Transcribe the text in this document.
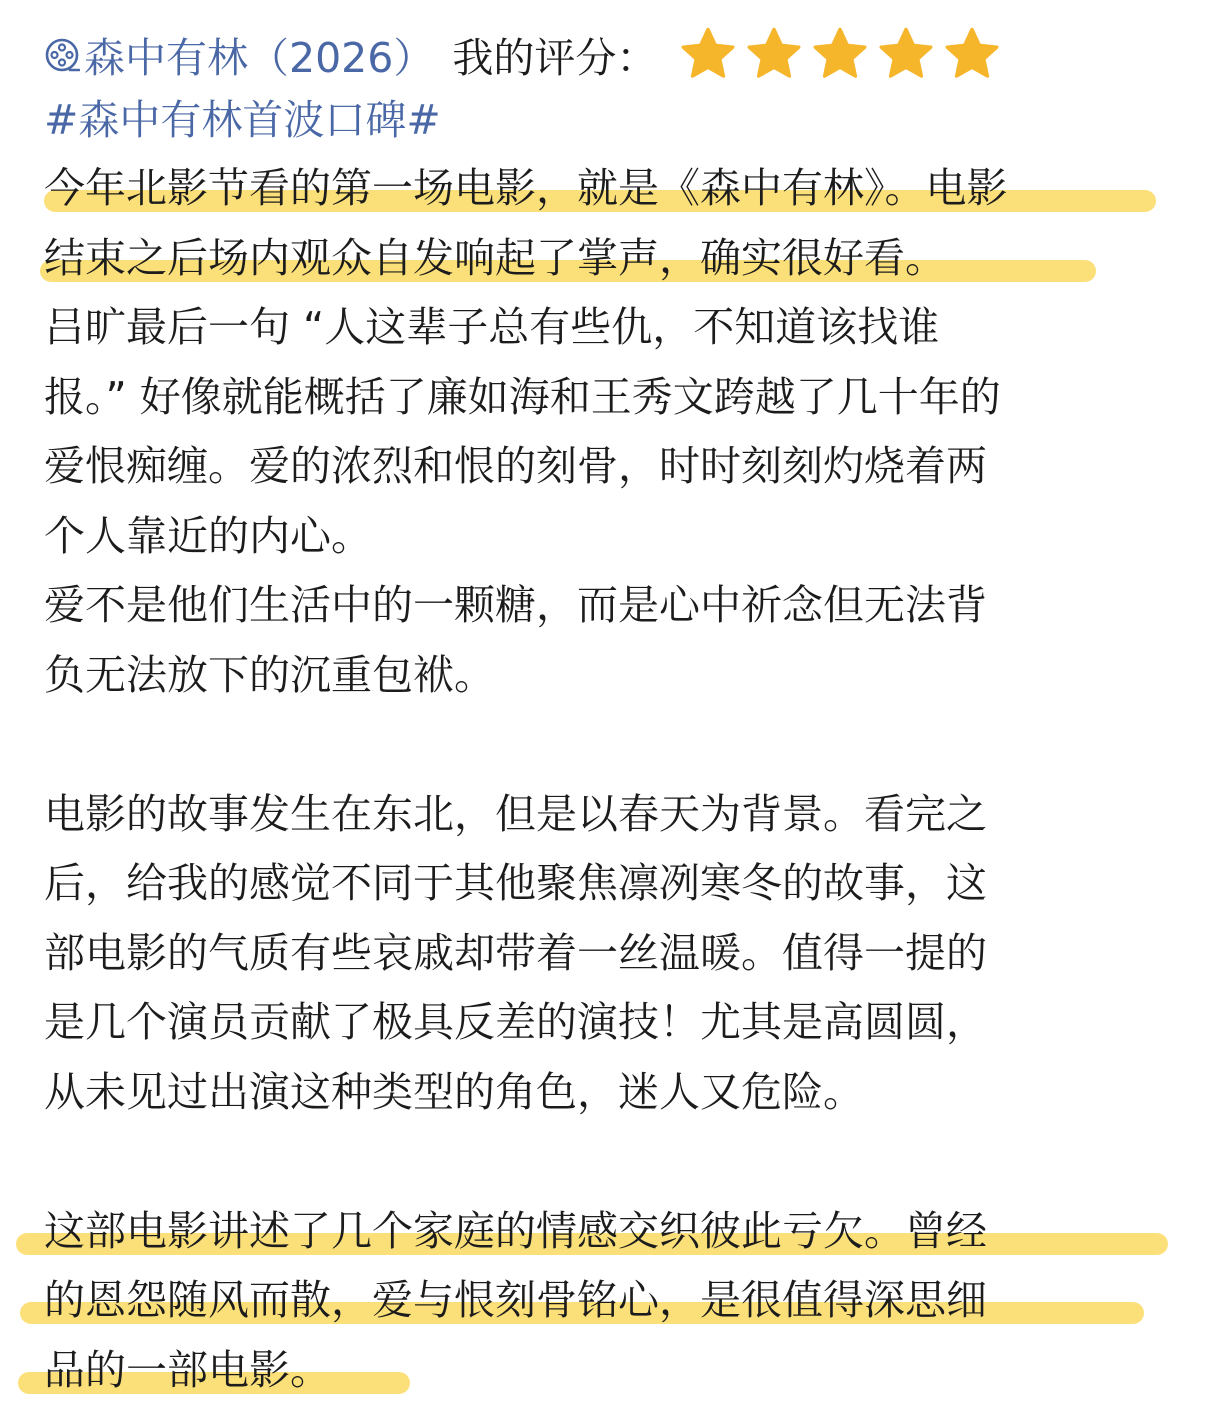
森中有林（2026） 我的评分：
#森中有林首波口碑#
今年北影节看的第一场电影，就是《森中有林》。电影
结束之后场内观众自发响起了掌声，确实很好看。
吕旷最后一句 “人这辈子总有些仇，不知道该找谁
报。” 好像就能概括了廉如海和王秀文跨越了几十年的
爱恨痴缠。爱的浓烈和恨的刻骨，时时刻刻灼烧着两
个人靠近的内心。
爱不是他们生活中的一颗糖，而是心中祈念但无法背
负无法放下的沉重包袱。
电影的故事发生在东北，但是以春天为背景。看完之
后，给我的感觉不同于其他聚焦凛冽寒冬的故事，这
部电影的气质有些哀戚却带着一丝温暖。值得一提的
是几个演员贡献了极具反差的演技！尤其是高圆圆，
从未见过出演这种类型的角色，迷人又危险。
这部电影讲述了几个家庭的情感交织彼此亏欠。曾经
的恩怨随风而散，爱与恨刻骨铭心，是很值得深思细
品的一部电影。
